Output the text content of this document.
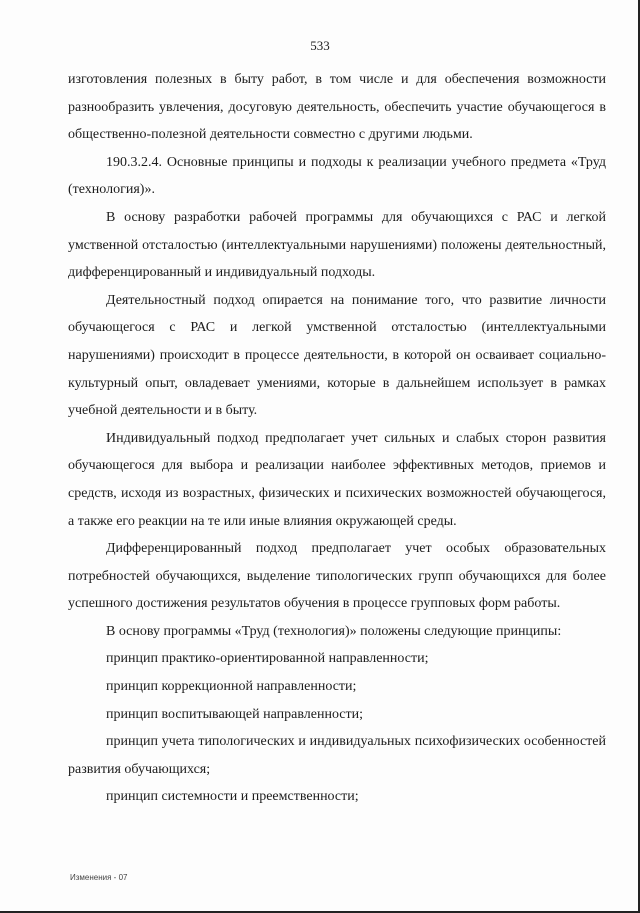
533

изготовления полезных в быту работ, в том числе и для обеспечения возможности разнообразить увлечения, досуговую деятельность, обеспечить участие обучающегося в общественно-полезной деятельности совместно с другими людьми.

190.3.2.4. Основные принципы и подходы к реализации учебного предмета «Труд (технология)».

В основу разработки рабочей программы для обучающихся с РАС и легкой умственной отсталостью (интеллектуальными нарушениями) положены деятельностный, дифференцированный и индивидуальный подходы.

Деятельностный подход опирается на понимание того, что развитие личности обучающегося с РАС и легкой умственной отсталостью (интеллектуальными нарушениями) происходит в процессе деятельности, в которой он осваивает социально-культурный опыт, овладевает умениями, которые в дальнейшем использует в рамках учебной деятельности и в быту.

Индивидуальный подход предполагает учет сильных и слабых сторон развития обучающегося для выбора и реализации наиболее эффективных методов, приемов и средств, исходя из возрастных, физических и психических возможностей обучающегося, а также его реакции на те или иные влияния окружающей среды.

Дифференцированный подход предполагает учет особых образовательных потребностей обучающихся, выделение типологических групп обучающихся для более успешного достижения результатов обучения в процессе групповых форм работы.

В основу программы «Труд (технология)» положены следующие принципы:

принцип практико-ориентированной направленности;

принцип коррекционной направленности;

принцип воспитывающей направленности;

принцип учета типологических и индивидуальных психофизических особенностей развития обучающихся;

принцип системности и преемственности;

Изменения - 07
